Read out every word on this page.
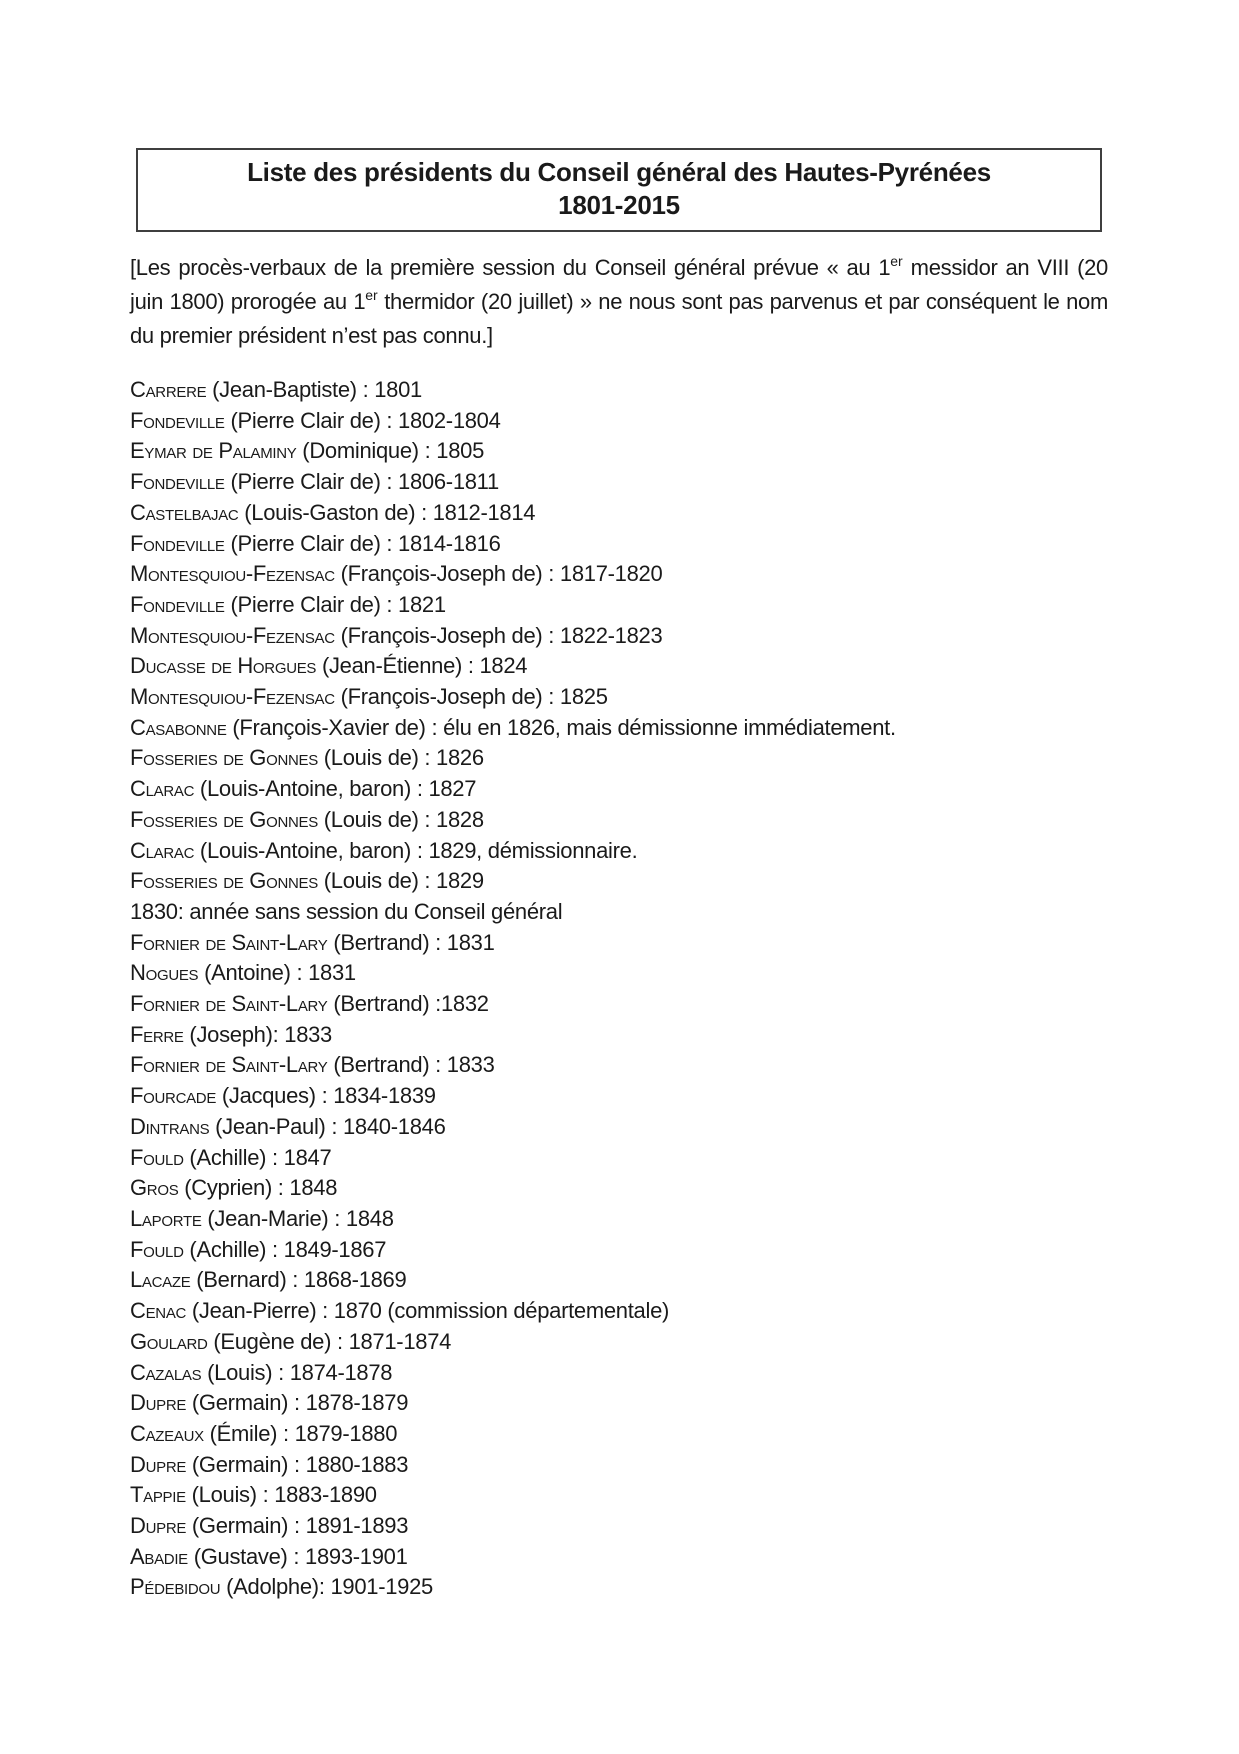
Liste des présidents du Conseil général des Hautes-Pyrénées
1801-2015
[Les procès-verbaux de la première session du Conseil général prévue « au 1er messidor an VIII (20 juin 1800) prorogée au 1er thermidor (20 juillet) » ne nous sont pas parvenus et par conséquent le nom du premier président n’est pas connu.]
Carrere (Jean-Baptiste) : 1801
Fondeville (Pierre Clair de) : 1802-1804
Eymar de Palaminy (Dominique) : 1805
Fondeville (Pierre Clair de) : 1806-1811
Castelbajac (Louis-Gaston de) : 1812-1814
Fondeville (Pierre Clair de) : 1814-1816
Montesquiou-Fezensac (François-Joseph de) : 1817-1820
Fondeville (Pierre Clair de) : 1821
Montesquiou-Fezensac (François-Joseph de) : 1822-1823
Ducasse de Horgues (Jean-Étienne) : 1824
Montesquiou-Fezensac (François-Joseph de) : 1825
Casabonne (François-Xavier de) : élu en 1826, mais démissionne immédiatement.
Fosseries de Gonnes (Louis de) : 1826
Clarac (Louis-Antoine, baron) : 1827
Fosseries de Gonnes (Louis de) : 1828
Clarac (Louis-Antoine, baron) : 1829, démissionnaire.
Fosseries de Gonnes (Louis de) : 1829
1830: année sans session du Conseil général
Fornier de Saint-Lary (Bertrand) : 1831
Nogues (Antoine) : 1831
Fornier de Saint-Lary (Bertrand) :1832
Ferre (Joseph): 1833
Fornier de Saint-Lary (Bertrand) : 1833
Fourcade (Jacques) : 1834-1839
Dintrans (Jean-Paul) : 1840-1846
Fould (Achille) : 1847
Gros (Cyprien) : 1848
Laporte (Jean-Marie) : 1848
Fould (Achille) : 1849-1867
Lacaze (Bernard) : 1868-1869
Cenac (Jean-Pierre) : 1870 (commission départementale)
Goulard (Eugène de) : 1871-1874
Cazalas (Louis) : 1874-1878
Dupre (Germain) : 1878-1879
Cazeaux (Émile) : 1879-1880
Dupre (Germain) : 1880-1883
Tappie (Louis) : 1883-1890
Dupre (Germain) : 1891-1893
Abadie (Gustave) : 1893-1901
Pédebidou (Adolphe): 1901-1925
